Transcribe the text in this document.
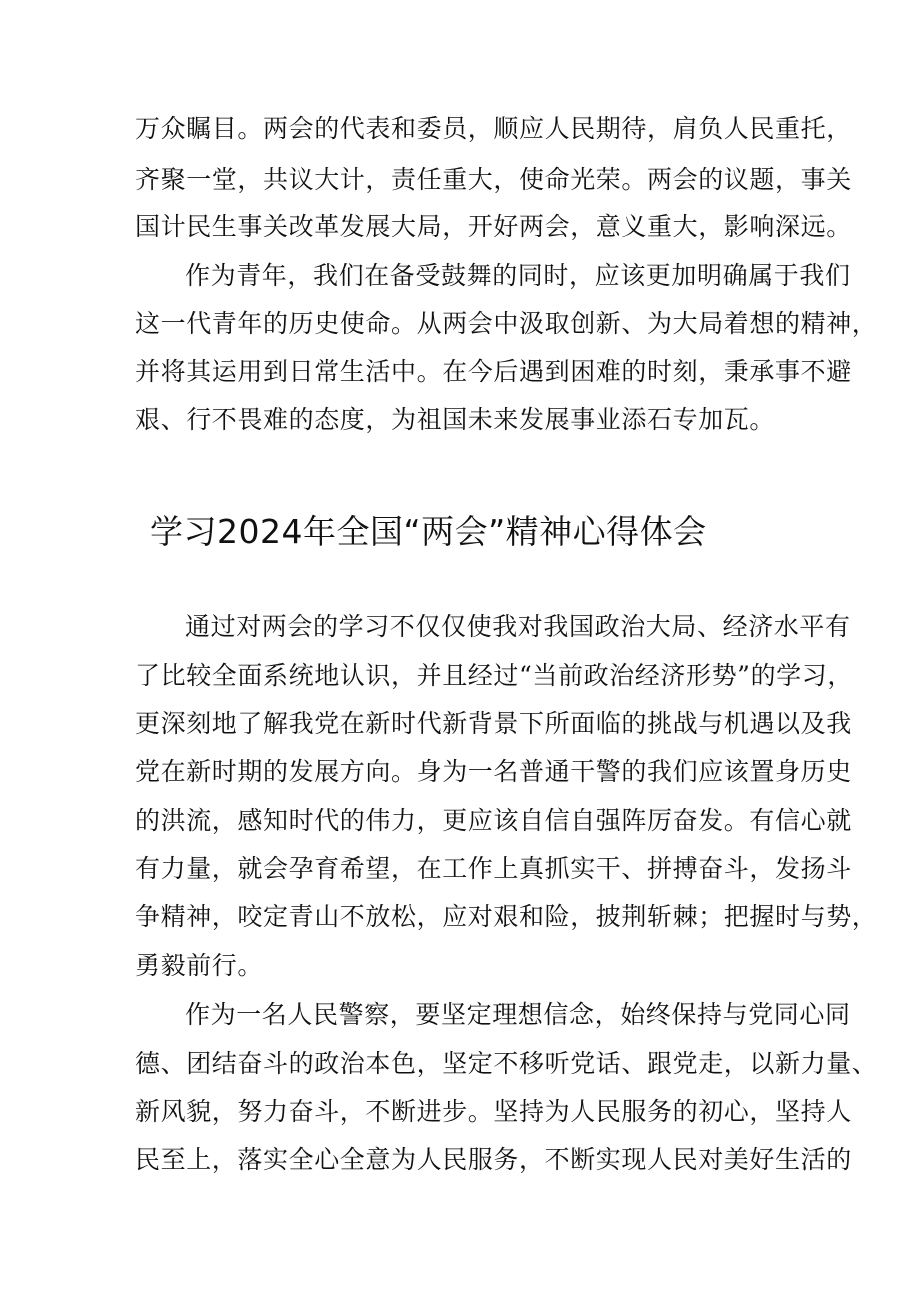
万众瞩目。两会的代表和委员，顺应人民期待，肩负人民重托，
齐聚一堂，共议大计，责任重大，使命光荣。两会的议题，事关
国计民生事关改革发展大局，开好两会，意义重大，影响深远。
作为青年，我们在备受鼓舞的同时，应该更加明确属于我们
这一代青年的历史使命。从两会中汲取创新、为大局着想的精神，
并将其运用到日常生活中。在今后遇到困难的时刻，秉承事不避
艰、行不畏难的态度，为祖国未来发展事业添石专加瓦。
学习2024年全国“两会”精神心得体会
通过对两会的学习不仅仅使我对我国政治大局、经济水平有
了比较全面系统地认识，并且经过“当前政治经济形势”的学习，
更深刻地了解我党在新时代新背景下所面临的挑战与机遇以及我
党在新时期的发展方向。身为一名普通干警的我们应该置身历史
的洪流，感知时代的伟力，更应该自信自强阵厉奋发。有信心就
有力量，就会孕育希望，在工作上真抓实干、拼搏奋斗，发扬斗
争精神，咬定青山不放松，应对艰和险，披荆斩棘；把握时与势，
勇毅前行。
作为一名人民警察，要坚定理想信念，始终保持与党同心同
德、团结奋斗的政治本色，坚定不移听党话、跟党走，以新力量、
新风貌，努力奋斗，不断进步。坚持为人民服务的初心，坚持人
民至上，落实全心全意为人民服务，不断实现人民对美好生活的
